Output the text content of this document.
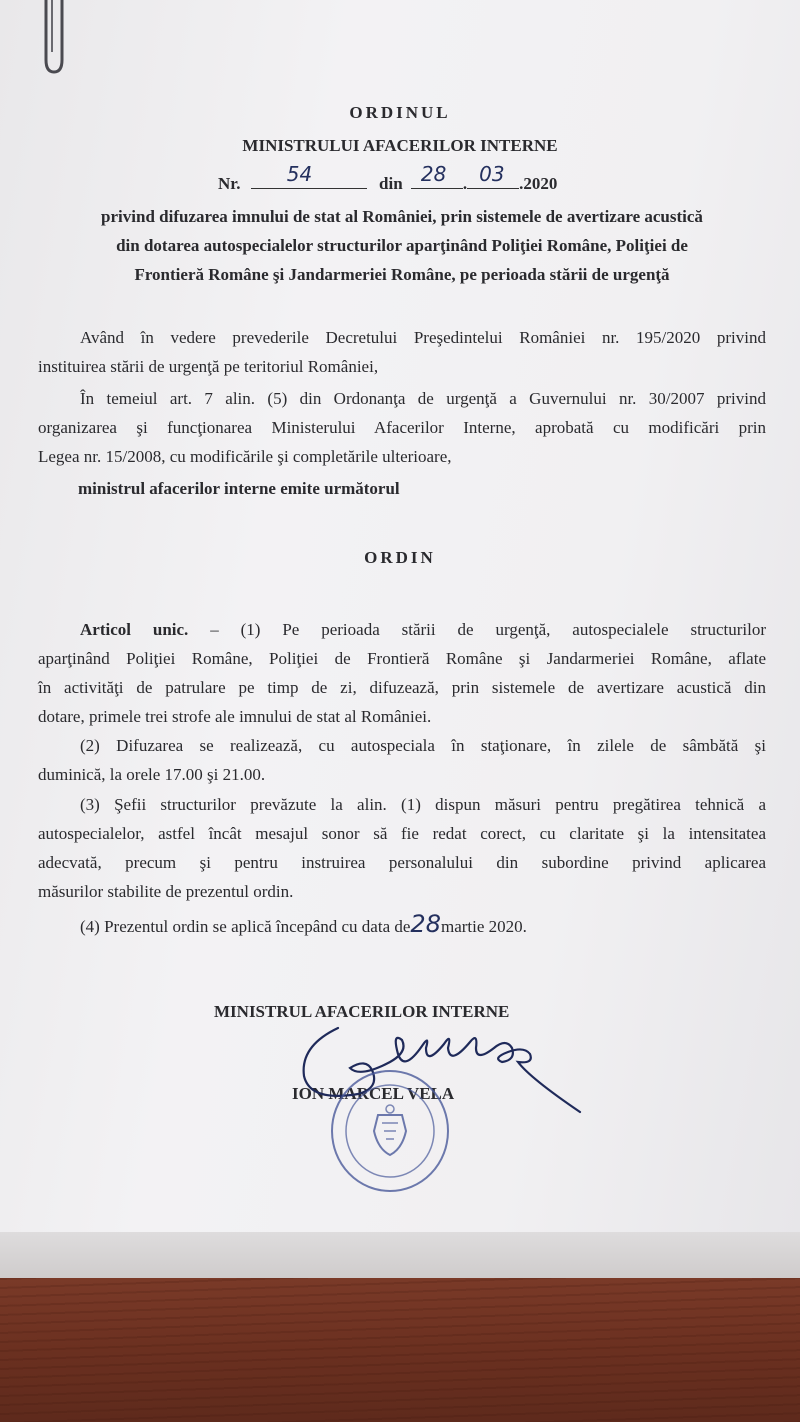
ORDINUL
MINISTRULUI AFACERILOR INTERNE
Nr. 54	din 28 . 03 .2020
privind difuzarea imnului de stat al României, prin sistemele de avertizare acustică
din dotarea autospecialelor structurilor aparţinând Poliţiei Române, Poliţiei de
Frontieră Române şi Jandarmeriei Române, pe perioada stării de urgenţă
Având în vedere prevederile Decretului Preşedintelui României nr. 195/2020 privind
instituirea stării de urgenţă pe teritoriul României,
În temeiul art. 7 alin. (5) din Ordonanţa de urgenţă a Guvernului nr. 30/2007 privind
organizarea şi funcţionarea Ministerului Afacerilor Interne, aprobată cu modificări prin
Legea nr. 15/2008, cu modificările şi completările ulterioare,
ministrul afacerilor interne emite următorul
ORDIN
Articol unic. – (1) Pe perioada stării de urgenţă, autospecialele structurilor
aparţinând Poliţiei Române, Poliţiei de Frontieră Române şi Jandarmeriei Române, aflate
în activităţi de patrulare pe timp de zi, difuzează, prin sistemele de avertizare acustică din
dotare, primele trei strofe ale imnului de stat al României.
(2) Difuzarea se realizează, cu autospeciala în staţionare, în zilele de sâmbătă şi
duminică, la orele 17.00 şi 21.00.
(3) Şefii structurilor prevăzute la alin. (1) dispun măsuri pentru pregătirea tehnică a
autospecialelor, astfel încât mesajul sonor să fie redat corect, cu claritate şi la intensitatea
adecvată, precum şi pentru instruirea personalului din subordine privind aplicarea
măsurilor stabilite de prezentul ordin.
(4) Prezentul ordin se aplică începând cu data de28martie 2020.
MINISTRUL AFACERILOR INTERNE
ION MARCEL VELA
